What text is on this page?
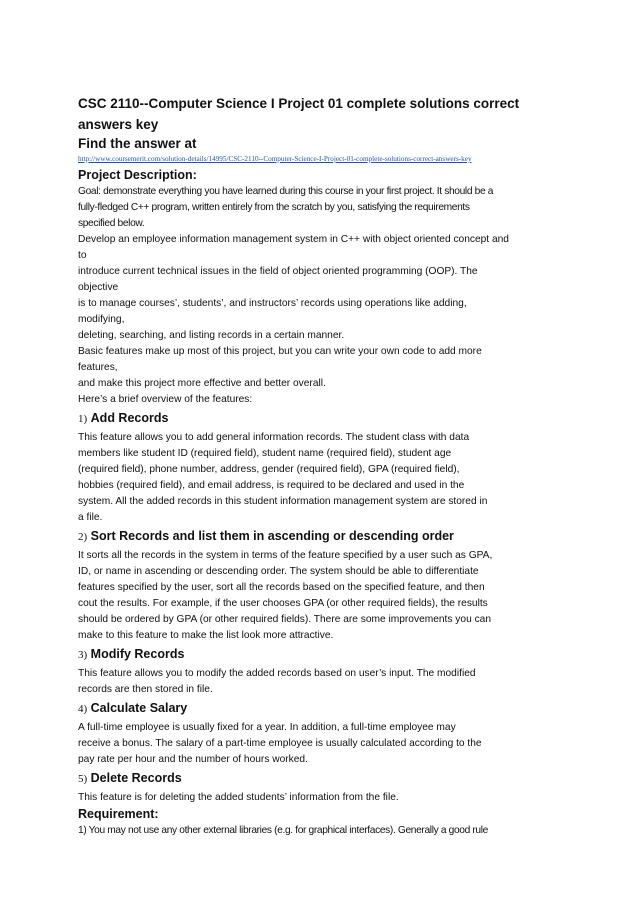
CSC 2110--Computer Science I Project 01 complete solutions correct answers key
Find the answer at
http://www.coursemerit.com/solution-details/14995/CSC-2110--Computer-Science-I-Project-01-complete-solutions-correct-answers-key
Project Description:

Goal: demonstrate everything you have learned during this course in your first project. It should be a
fully-fledged C++ program, written entirely from the scratch by you, satisfying the requirements
specified below.

Develop an employee information management system in C++ with object oriented concept and
to
introduce current technical issues in the field of object oriented programming (OOP). The
objective
is to manage courses’, students’, and instructors’ records using operations like adding,
modifying,
deleting, searching, and listing records in a certain manner.
Basic features make up most of this project, but you can write your own code to add more
features,
and make this project more effective and better overall.
Here’s a brief overview of the features:

1) Add Records

This feature allows you to add general information records. The student class with data
members like student ID (required field), student name (required field), student age
(required field), phone number, address, gender (required field), GPA (required field),
hobbies (required field), and email address, is required to be declared and used in the
system. All the added records in this student information management system are stored in
a file.

2) Sort Records and list them in ascending or descending order

It sorts all the records in the system in terms of the feature specified by a user such as GPA,
ID, or name in ascending or descending order. The system should be able to differentiate
features specified by the user, sort all the records based on the specified feature, and then
cout the results. For example, if the user chooses GPA (or other required fields), the results
should be ordered by GPA (or other required fields). There are some improvements you can
make to this feature to make the list look more attractive.

3) Modify Records

This feature allows you to modify the added records based on user’s input. The modified
records are then stored in file.

4) Calculate Salary

A full-time employee is usually fixed for a year. In addition, a full-time employee may
receive a bonus. The salary of a part-time employee is usually calculated according to the
pay rate per hour and the number of hours worked.

5) Delete Records

This feature is for deleting the added students’ information from the file.

Requirement:

1) You may not use any other external libraries (e.g. for graphical interfaces). Generally a good rule
